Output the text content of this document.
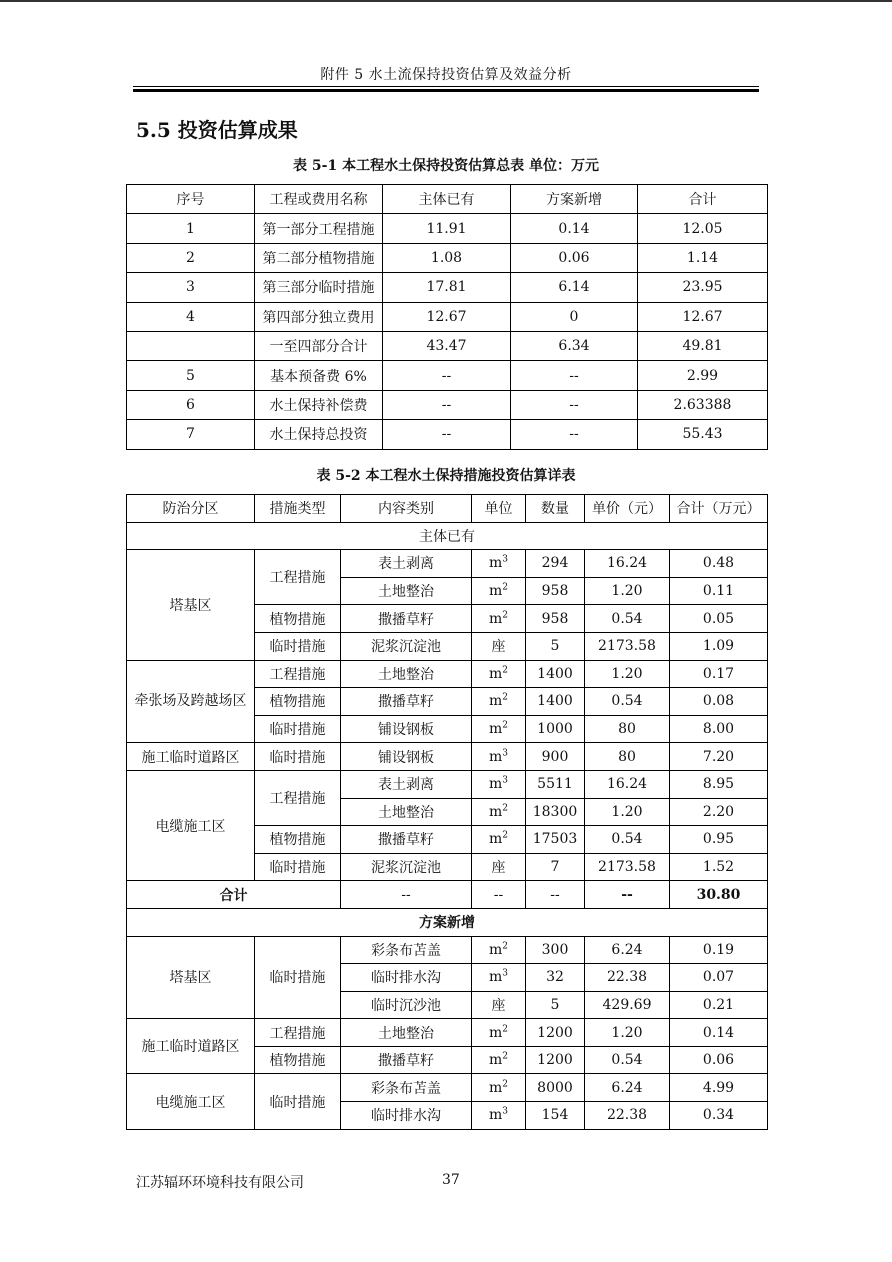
附件 5 水土流保持投资估算及效益分析
5.5 投资估算成果
表 5-1 本工程水土保持投资估算总表 单位：万元
序号	工程或费用名称	主体已有	方案新增	合计
1	第一部分工程措施	11.91	0.14	12.05
2	第二部分植物措施	1.08	0.06	1.14
3	第三部分临时措施	17.81	6.14	23.95
4	第四部分独立费用	12.67	0	12.67
	一至四部分合计	43.47	6.34	49.81
5	基本预备费 6%	--	--	2.99
6	水土保持补偿费	--	--	2.63388
7	水土保持总投资	--	--	55.43
表 5-2 本工程水土保持措施投资估算详表
防治分区	措施类型	内容类别	单位	数量	单价（元）	合计（万元）
主体已有						
塔基区	工程措施	表土剥离	$m^3$	294	16.24	0.48
		土地整治	$m^2$	958	1.20	0.11
	植物措施	撒播草籽	$m^2$	958	0.54	0.05
	临时措施	泥浆沉淀池	座	5	2173.58	1.09
牵张场及跨越场区	工程措施	土地整治	$m^2$	1400	1.20	0.17
	植物措施	撒播草籽	$m^2$	1400	0.54	0.08
	临时措施	铺设钢板	$m^2$	1000	80	8.00
施工临时道路区	临时措施	铺设钢板	$m^3$	900	80	7.20
电缆施工区	工程措施	表土剥离	$m^3$	5511	16.24	8.95
		土地整治	$m^2$	18300	1.20	2.20
	植物措施	撒播草籽	$m^2$	17503	0.54	0.95
	临时措施	泥浆沉淀池	座	7	2173.58	1.52
合计		--	--	--	--	30.80
方案新增						
塔基区	临时措施	彩条布苫盖	$m^2$	300	6.24	0.19
		临时排水沟	$m^3$	32	22.38	0.07
		临时沉沙池	座	5	429.69	0.21
施工临时道路区	工程措施	土地整治	$m^2$	1200	1.20	0.14
	植物措施	撒播草籽	$m^2$	1200	0.54	0.06
电缆施工区	临时措施	彩条布苫盖	$m^2$	8000	6.24	4.99
		临时排水沟	$m^3$	154	22.38	0.34
江苏辐环环境科技有限公司	37
